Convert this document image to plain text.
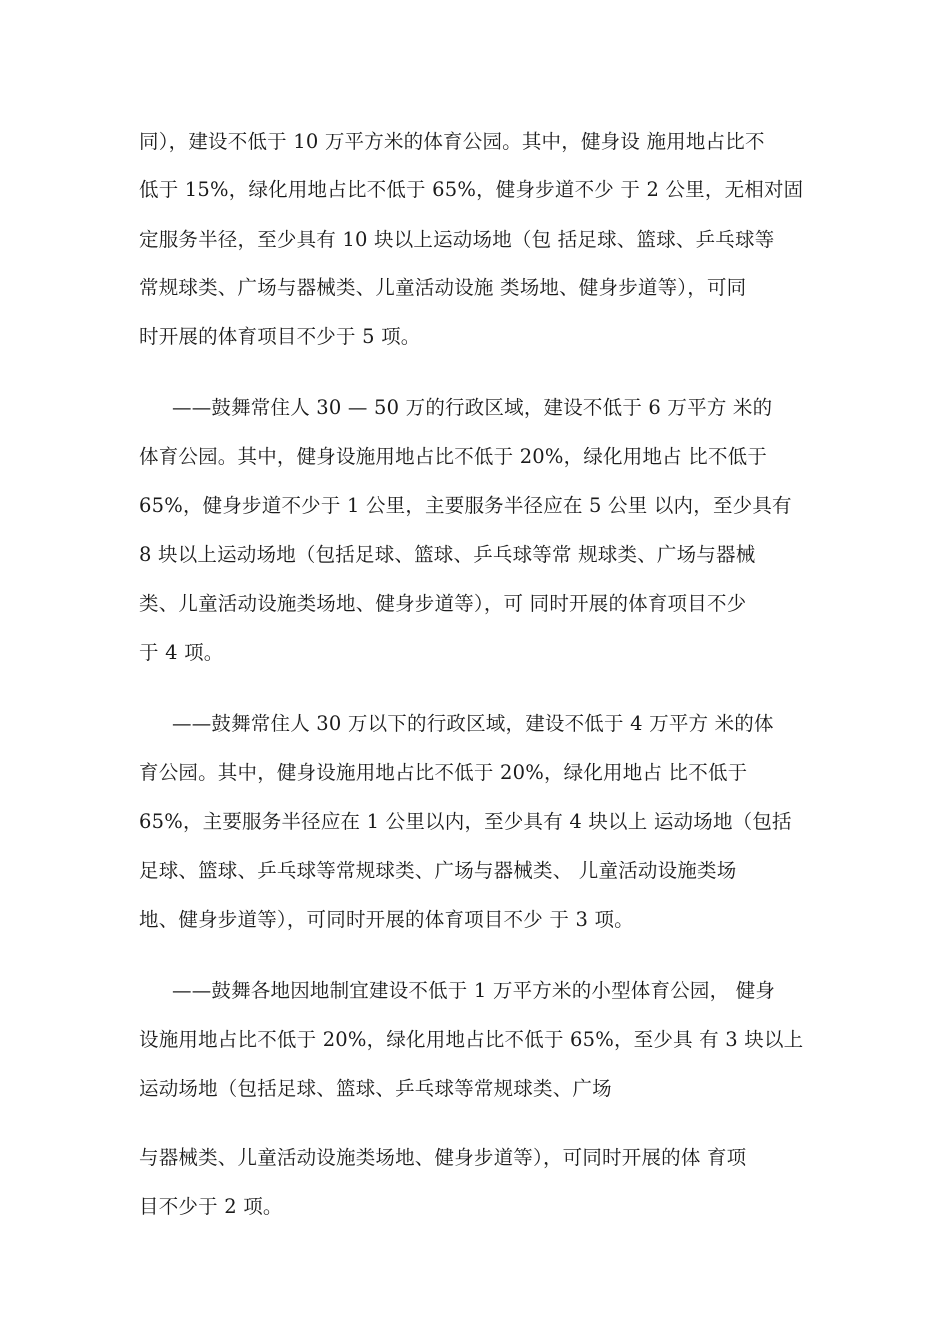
同），建设不低于 10 万平方米的体育公园。其中，健身设 施用地占比不
低于 15%，绿化用地占比不低于 65%，健身步道不少 于 2 公里，无相对固
定服务半径，至少具有 10 块以上运动场地（包 括足球、篮球、乒乓球等
常规球类、广场与器械类、儿童活动设施 类场地、健身步道等），可同
时开展的体育项目不少于 5 项。
——鼓舞常住人 30 — 50 万的行政区域，建设不低于 6 万平方 米的
体育公园。其中，健身设施用地占比不低于 20%，绿化用地占 比不低于
65%，健身步道不少于 1 公里，主要服务半径应在 5 公里 以内，至少具有
8 块以上运动场地（包括足球、篮球、乒乓球等常 规球类、广场与器械
类、儿童活动设施类场地、健身步道等），可 同时开展的体育项目不少
于 4 项。
——鼓舞常住人 30 万以下的行政区域，建设不低于 4 万平方 米的体
育公园。其中，健身设施用地占比不低于 20%，绿化用地占 比不低于
65%，主要服务半径应在 1 公里以内，至少具有 4 块以上 运动场地（包括
足球、篮球、乒乓球等常规球类、广场与器械类、 儿童活动设施类场
地、健身步道等），可同时开展的体育项目不少 于 3 项。
——鼓舞各地因地制宜建设不低于 1 万平方米的小型体育公园， 健身
设施用地占比不低于 20%，绿化用地占比不低于 65%，至少具 有 3 块以上
运动场地（包括足球、篮球、乒乓球等常规球类、广场
与器械类、儿童活动设施类场地、健身步道等），可同时开展的体 育项
目不少于 2 项。
